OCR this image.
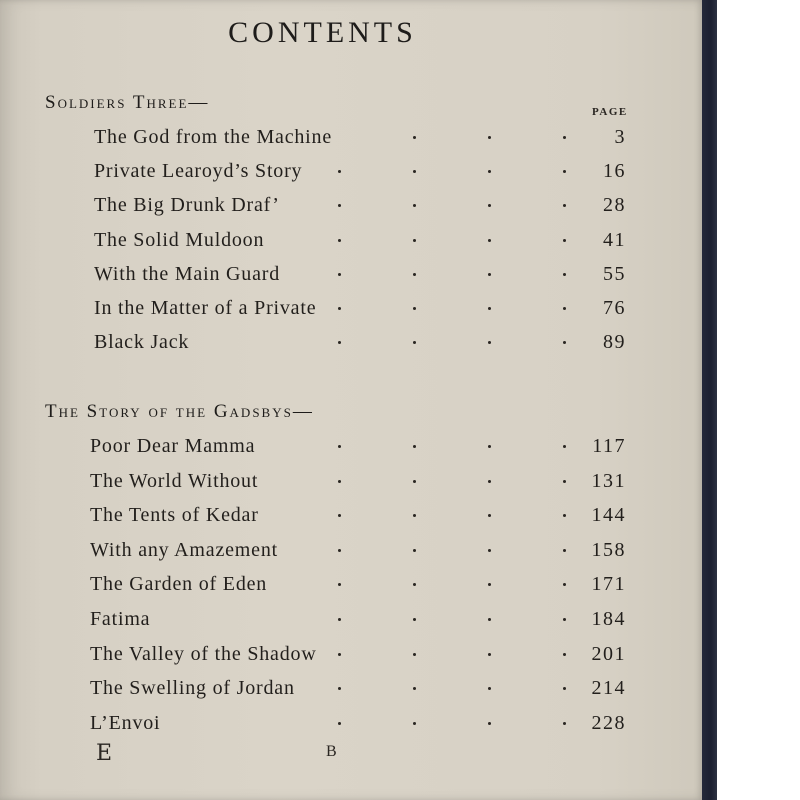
CONTENTS
PAGE
Soldiers Three—
The God from the Machine	3
Private Learoyd’s Story	16
The Big Drunk Draf’	28
The Solid Muldoon	41
With the Main Guard	55
In the Matter of a Private	76
Black Jack	89
The Story of the Gadsbys—
Poor Dear Mamma	117
The World Without	131
The Tents of Kedar	144
With any Amazement	158
The Garden of Eden	171
Fatima	184
The Valley of the Shadow	201
The Swelling of Jordan	214
L’Envoi	228
E	B
